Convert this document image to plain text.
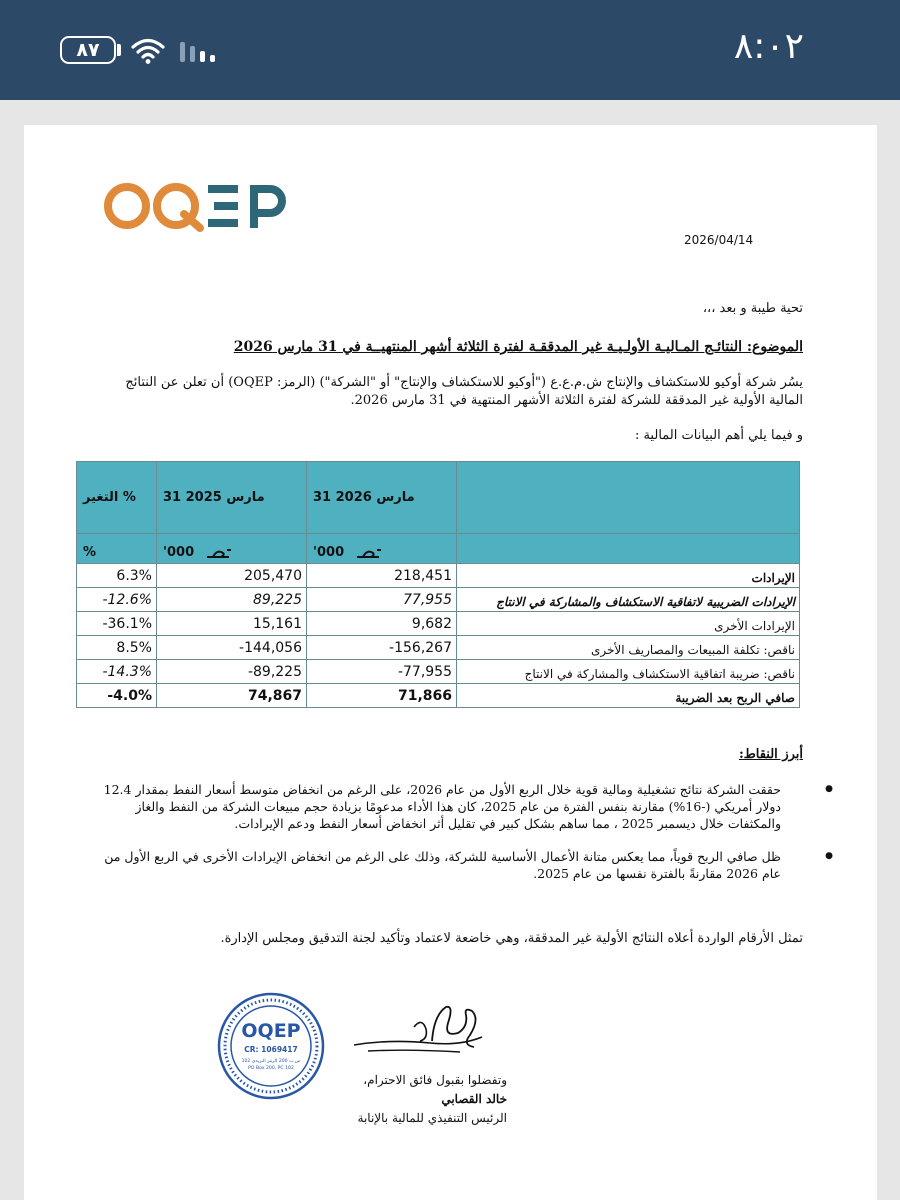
٨٧	٨:٠٢
2026/04/14
تحية طيبة و بعد ،،،
الموضوع: النتائـج المـاليـة الأولـيـة غير المدققـة لفترة الثلاثة أشهر المنتهيــة في 31 مارس 2026
يسُر شركة أوكيو للاستكشاف والإنتاج ش.م.ع.ع ("أوكيو للاستكشاف والإنتاج" أو "الشركة") (الرمز: OQEP) أن تعلن عن النتائج المالية الأولية غير المدققة للشركة لفترة الثلاثة الأشهر المنتهية في 31 مارس 2026.
و فيما يلي أهم البيانات المالية :
التغير %	مارس 2025 31	31 مارس 2026	
%	'000	'000	
6.3%	205,470	218,451	الإيرادات
-12.6%	89,225	77,955	الإيرادات الضريبية لاتفاقية الاستكشاف والمشاركة في الانتاج
-36.1%	15,161	9,682	الإيرادات الأخرى
8.5%	-144,056	-156,267	ناقص: تكلفة المبيعات والمصاريف الأخرى
-14.3%	-89,225	-77,955	ناقص: ضريبة اتفاقية الاستكشاف والمشاركة في الانتاج
-4.0%	74,867	71,866	صافي الربح بعد الضريبة
أبرز النقاط:
● حققت الشركة نتائج تشغيلية ومالية قوية خلال الربع الأول من عام 2026، على الرغم من انخفاض متوسط أسعار النفط بمقدار 12.4 دولار أمريكي (-16%) مقارنة بنفس الفترة من عام 2025، كان هذا الأداء مدعومًا بزيادة حجم مبيعات الشركة من النفط والغاز والمكثفات خلال ديسمبر 2025 ، مما ساهم بشكل كبير في تقليل أثر انخفاض أسعار النفط ودعم الإيرادات.
● ظل صافي الربح قوياً، مما يعكس متانة الأعمال الأساسية للشركة، وذلك على الرغم من انخفاض الإيرادات الأخرى في الربع الأول من عام 2026 مقارنةً بالفترة نفسها من عام 2025.
تمثل الأرقام الواردة أعلاه النتائج الأولية غير المدققة، وهي خاضعة لاعتماد وتأكيد لجنة التدقيق ومجلس الإدارة.
OQEP
CR: 1069417
ص.ب 200 الرمز البريدي 102
PO Box 200, PC 102
وتفضلوا بقبول فائق الاحترام،
خالد القصابي
الرئيس التنفيذي للمالية بالإنابة
